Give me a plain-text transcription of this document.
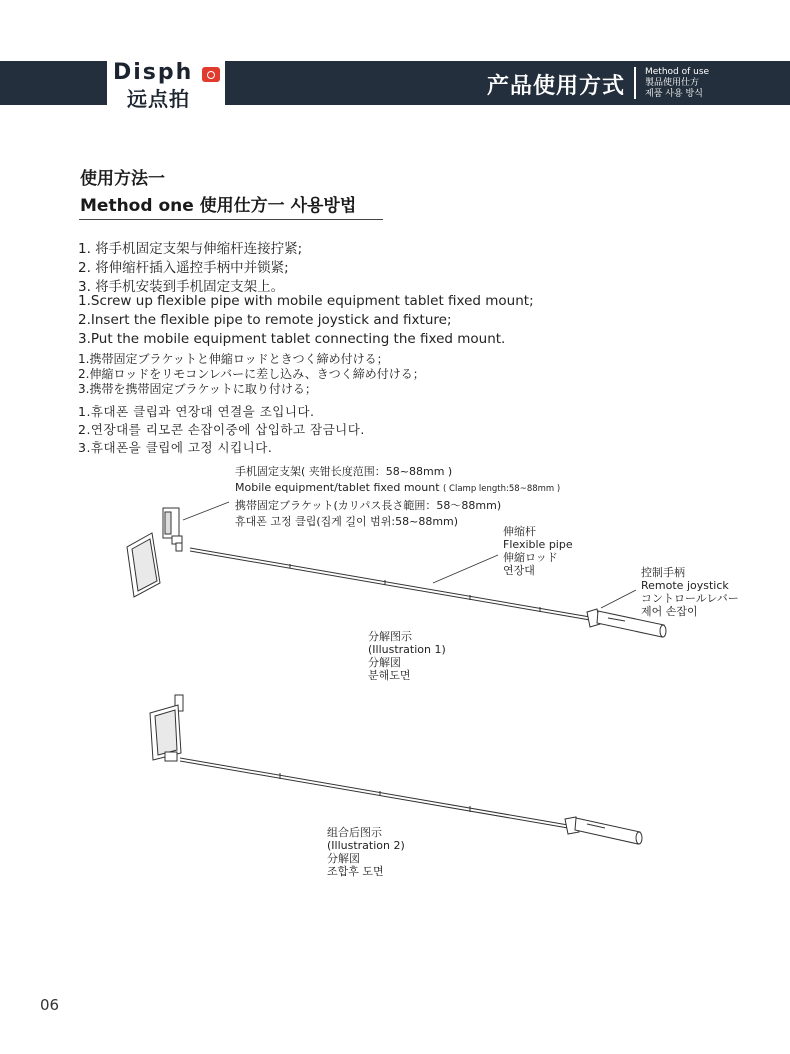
产品使用方式
Method of use
製品使用仕方
제품 사용 방식
Disph
远点拍
使用方法一
Method one 使用仕方一 사용방법
1. 将手机固定支架与伸缩杆连接拧紧;
2. 将伸缩杆插入遥控手柄中并锁紧;
3. 将手机安装到手机固定支架上。
1.Screw up flexible pipe with mobile equipment tablet fixed mount;
2.Insert the flexible pipe to remote joystick and fixture;
3.Put the mobile equipment tablet connecting the fixed mount.
1.携帯固定ブラケットと伸縮ロッドときつく締め付ける；
2.伸縮ロッドをリモコンレバーに差し込み、きつく締め付ける；
3.携帯を携帯固定ブラケットに取り付ける；
1.휴대폰 클립과 연장대 연결을 조입니다.
2.연장대를 리모콘 손잡이중에 삽입하고 잠금니다.
3.휴대폰을 클립에 고정 시킵니다.
手机固定支架( 夹钳长度范围：58~88mm )
Mobile equipment/tablet fixed mount ( Clamp length:58~88mm )
携帯固定ブラケット(カリパス長さ範囲：58〜88mm)
휴대폰 고정 클립(집게 길이 범위:58~88mm)
伸缩杆
Flexible pipe
伸縮ロッド
연장대	控制手柄
Remote joystick
コントロールレバー
제어 손잡이
分解图示
(Illustration 1)
分解図
분해도면
组合后图示
(Illustration 2)
分解図
조합후 도면
06
